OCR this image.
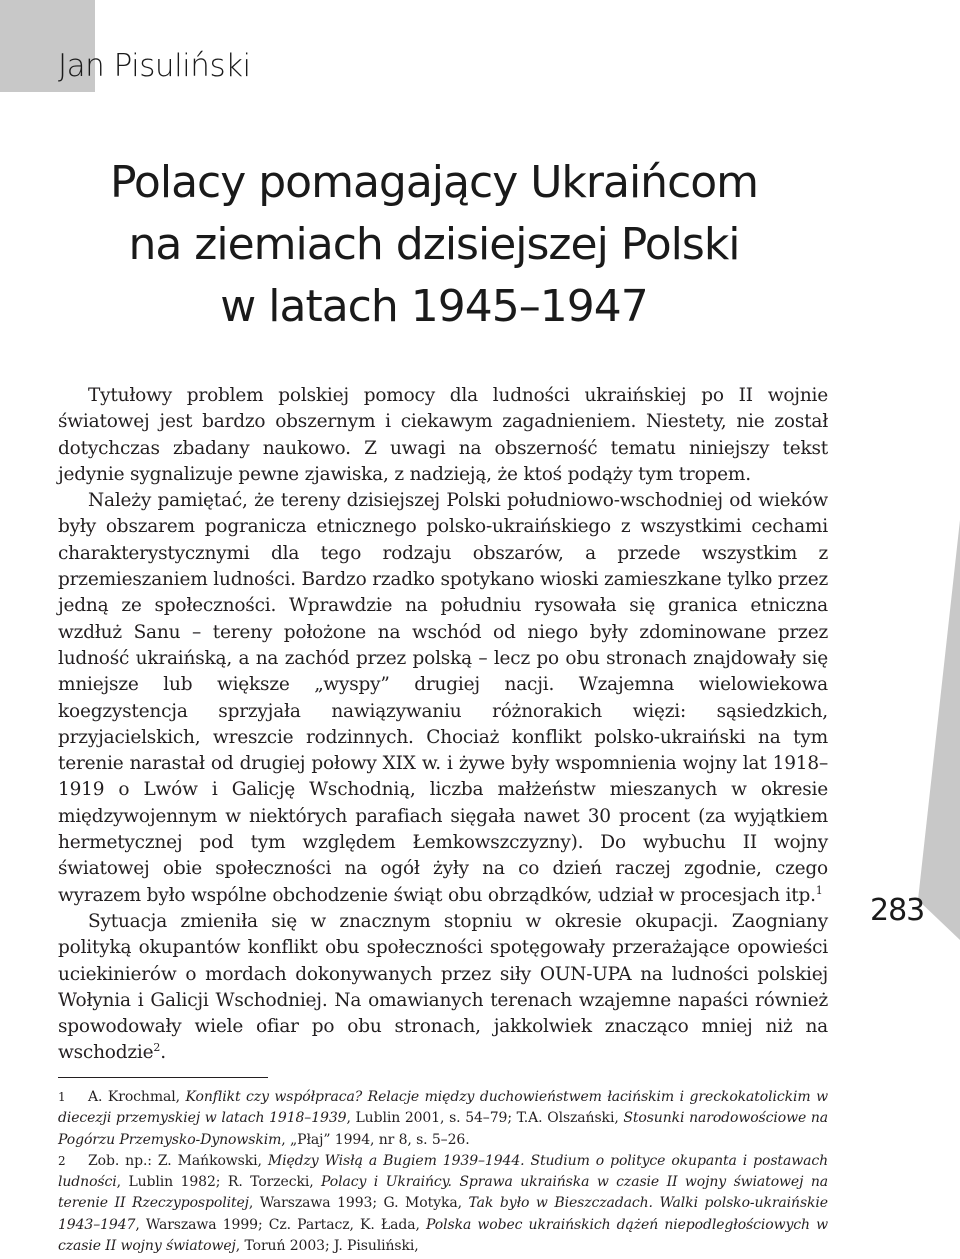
Jan Pisuliński
Polacy pomagający Ukraińcom
na ziemiach dzisiejszej Polski
w latach 1945–1947

Tytułowy problem polskiej pomocy dla ludności ukraińskiej po II wojnie światowej jest bardzo obszernym i ciekawym zagadnieniem. Niestety, nie został dotychczas zbadany naukowo. Z uwagi na obszerność tematu niniejszy tekst jedynie sygnalizuje pewne zjawiska, z nadzieją, że ktoś podąży tym tropem.

Należy pamiętać, że tereny dzisiejszej Polski południowo-wschodniej od wieków były obszarem pogranicza etnicznego polsko-ukraińskiego z wszystkimi cechami charakterystycznymi dla tego rodzaju obszarów, a przede wszystkim z przemieszaniem ludności. Bardzo rzadko spotykano wioski zamieszkane tylko przez jedną ze społeczności. Wprawdzie na południu rysowała się granica etniczna wzdłuż Sanu – tereny położone na wschód od niego były zdominowane przez ludność ukraińską, a na zachód przez polską – lecz po obu stronach znajdowały się mniejsze lub większe „wyspy” drugiej nacji. Wzajemna wielowiekowa koegzystencja sprzyjała nawiązywaniu różnorakich więzi: sąsiedzkich, przyjacielskich, wreszcie rodzinnych. Chociaż konflikt polsko-ukraiński na tym terenie narastał od drugiej połowy XIX w. i żywe były wspomnienia wojny lat 1918–1919 o Lwów i Galicję Wschodnią, liczba małżeństw mieszanych w okresie międzywojennym w niektórych parafiach sięgała nawet 30 procent (za wyjątkiem hermetycznej pod tym względem Łemkowszczyzny). Do wybuchu II wojny światowej obie społeczności na ogół żyły na co dzień raczej zgodnie, czego wyrazem było wspólne obchodzenie świąt obu obrządków, udział w procesjach itp.$^1$

Sytuacja zmieniła się w znacznym stopniu w okresie okupacji. Zaogniany polityką okupantów konflikt obu społeczności spotęgowały przerażające opowieści uciekinierów o mordach dokonywanych przez siły OUN-UPA na ludności polskiej Wołynia i Galicji Wschodniej. Na omawianych terenach wzajemne napaści również spowodowały wiele ofiar po obu stronach, jakkolwiek znacząco mniej niż na wschodzie$^2$.

283

1 A. Krochmal, Konflikt czy współpraca? Relacje między duchowieństwem łacińskim i greckokatolickim w diecezji przemyskiej w latach 1918–1939, Lublin 2001, s. 54–79; T.A. Olszański, Stosunki narodowościowe na Pogórzu Przemysko-Dynowskim, „Płaj” 1994, nr 8, s. 5–26.

2 Zob. np.: Z. Mańkowski, Między Wisłą a Bugiem 1939–1944. Studium o polityce okupanta i postawach ludności, Lublin 1982; R. Torzecki, Polacy i Ukraińcy. Sprawa ukraińska w czasie II wojny światowej na terenie II Rzeczypospolitej, Warszawa 1993; G. Motyka, Tak było w Bieszczadach. Walki polsko-ukraińskie 1943–1947, Warszawa 1999; Cz. Partacz, K. Łada, Polska wobec ukraińskich dążeń niepodległościowych w czasie II wojny światowej, Toruń 2003; J. Pisuliński,
